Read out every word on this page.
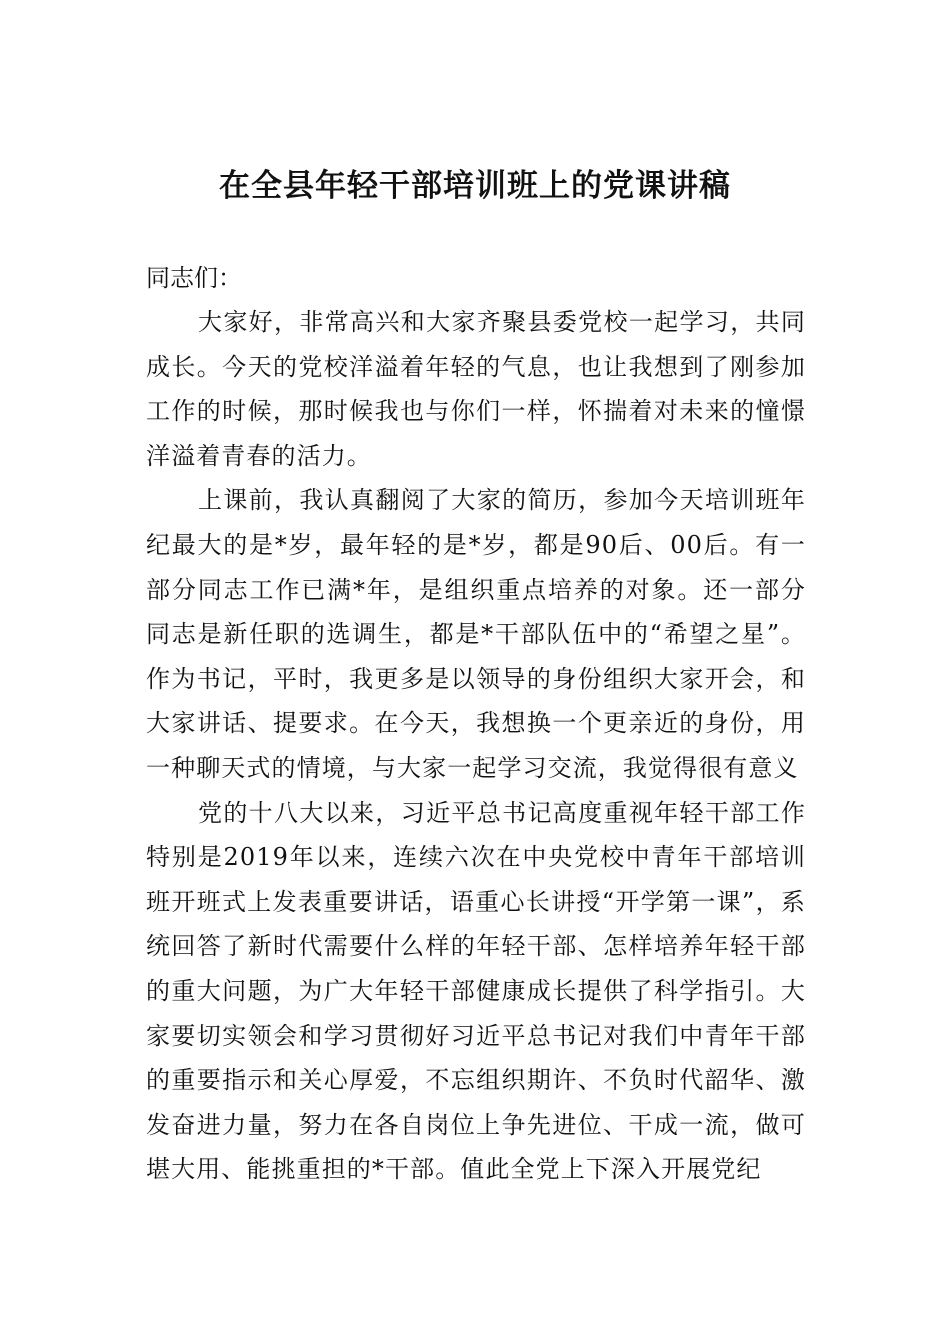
在全县年轻干部培训班上的党课讲稿

同志们：

大家好，非常高兴和大家齐聚县委党校一起学习，共同成长。今天的党校洋溢着年轻的气息，也让我想到了刚参加工作的时候，那时候我也与你们一样，怀揣着对未来的憧憬洋溢着青春的活力。

上课前，我认真翻阅了大家的简历，参加今天培训班年纪最大的是*岁，最年轻的是*岁，都是90后、00后。有一部分同志工作已满*年，是组织重点培养的对象。还一部分同志是新任职的选调生，都是*干部队伍中的“希望之星”。作为书记，平时，我更多是以领导的身份组织大家开会，和大家讲话、提要求。在今天，我想换一个更亲近的身份，用一种聊天式的情境，与大家一起学习交流，我觉得很有意义

党的十八大以来，习近平总书记高度重视年轻干部工作特别是2019年以来，连续六次在中央党校中青年干部培训班开班式上发表重要讲话，语重心长讲授“开学第一课”，系统回答了新时代需要什么样的年轻干部、怎样培养年轻干部的重大问题，为广大年轻干部健康成长提供了科学指引。大家要切实领会和学习贯彻好习近平总书记对我们中青年干部的重要指示和关心厚爱，不忘组织期许、不负时代韶华、激发奋进力量，努力在各自岗位上争先进位、干成一流，做可堪大用、能挑重担的*干部。值此全党上下深入开展党纪
